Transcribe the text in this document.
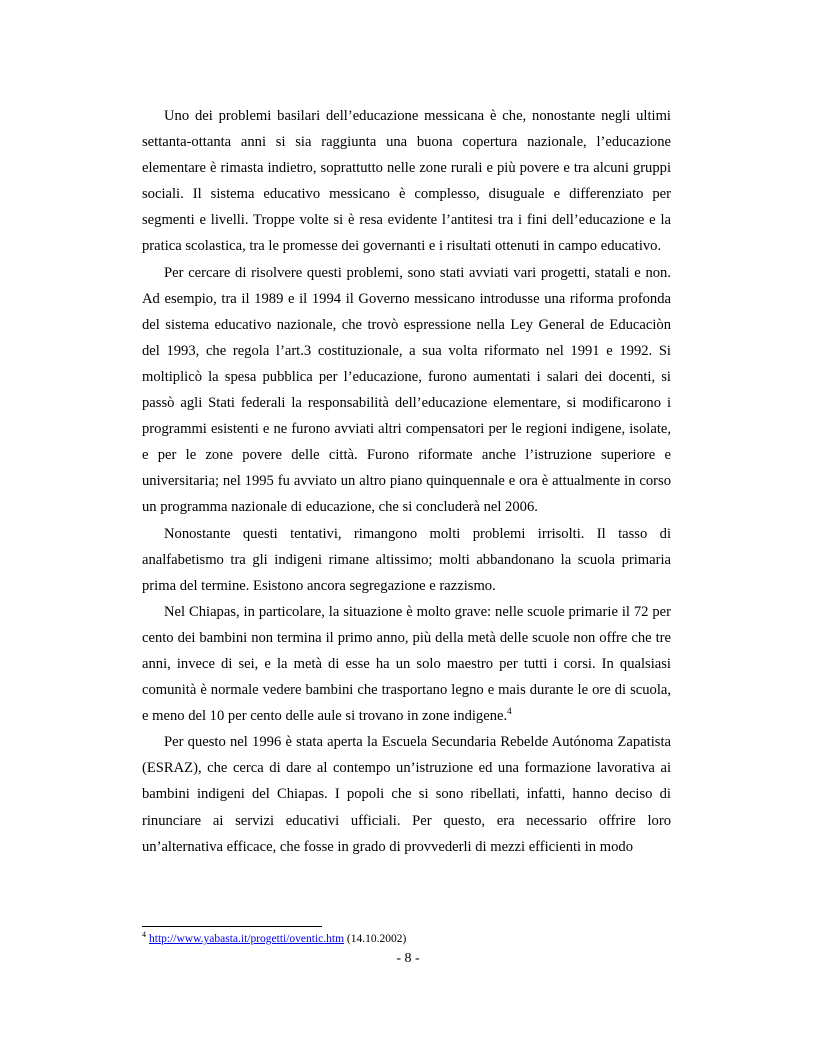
Uno dei problemi basilari dell’educazione messicana è che, nonostante negli ultimi settanta-ottanta anni si sia raggiunta una buona copertura nazionale, l’educazione elementare è rimasta indietro, soprattutto nelle zone rurali e più povere e tra alcuni gruppi sociali. Il sistema educativo messicano è complesso, disuguale e differenziato per segmenti e livelli. Troppe volte si è resa evidente l’antitesi tra i fini dell’educazione e la pratica scolastica, tra le promesse dei governanti e i risultati ottenuti in campo educativo.

Per cercare di risolvere questi problemi, sono stati avviati vari progetti, statali e non. Ad esempio, tra il 1989 e il 1994 il Governo messicano introdusse una riforma profonda del sistema educativo nazionale, che trovò espressione nella Ley General de Educaciòn del 1993, che regola l’art.3 costituzionale, a sua volta riformato nel 1991 e 1992. Si moltiplicò la spesa pubblica per l’educazione, furono aumentati i salari dei docenti, si passò agli Stati federali la responsabilità dell’educazione elementare, si modificarono i programmi esistenti e ne furono avviati altri compensatori per le regioni indigene, isolate, e per le zone povere delle città. Furono riformate anche l’istruzione superiore e universitaria; nel 1995 fu avviato un altro piano quinquennale e ora è attualmente in corso un programma nazionale di educazione, che si concluderà nel 2006.

Nonostante questi tentativi, rimangono molti problemi irrisolti. Il tasso di analfabetismo tra gli indigeni rimane altissimo; molti abbandonano la scuola primaria prima del termine. Esistono ancora segregazione e razzismo.

Nel Chiapas, in particolare, la situazione è molto grave: nelle scuole primarie il 72 per cento dei bambini non termina il primo anno, più della metà delle scuole non offre che tre anni, invece di sei, e la metà di esse ha un solo maestro per tutti i corsi. In qualsiasi comunità è normale vedere bambini che trasportano legno e mais durante le ore di scuola, e meno del 10 per cento delle aule si trovano in zone indigene.$^4$

Per questo nel 1996 è stata aperta la Escuela Secundaria Rebelde Autónoma Zapatista (ESRAZ), che cerca di dare al contempo un’istruzione ed una formazione lavorativa ai bambini indigeni del Chiapas. I popoli che si sono ribellati, infatti, hanno deciso di rinunciare ai servizi educativi ufficiali. Per questo, era necessario offrire loro un’alternativa efficace, che fosse in grado di provvederli di mezzi efficienti in modo

$^4$ http://www.yabasta.it/progetti/oventic.htm (14.10.2002)
- 8 -
